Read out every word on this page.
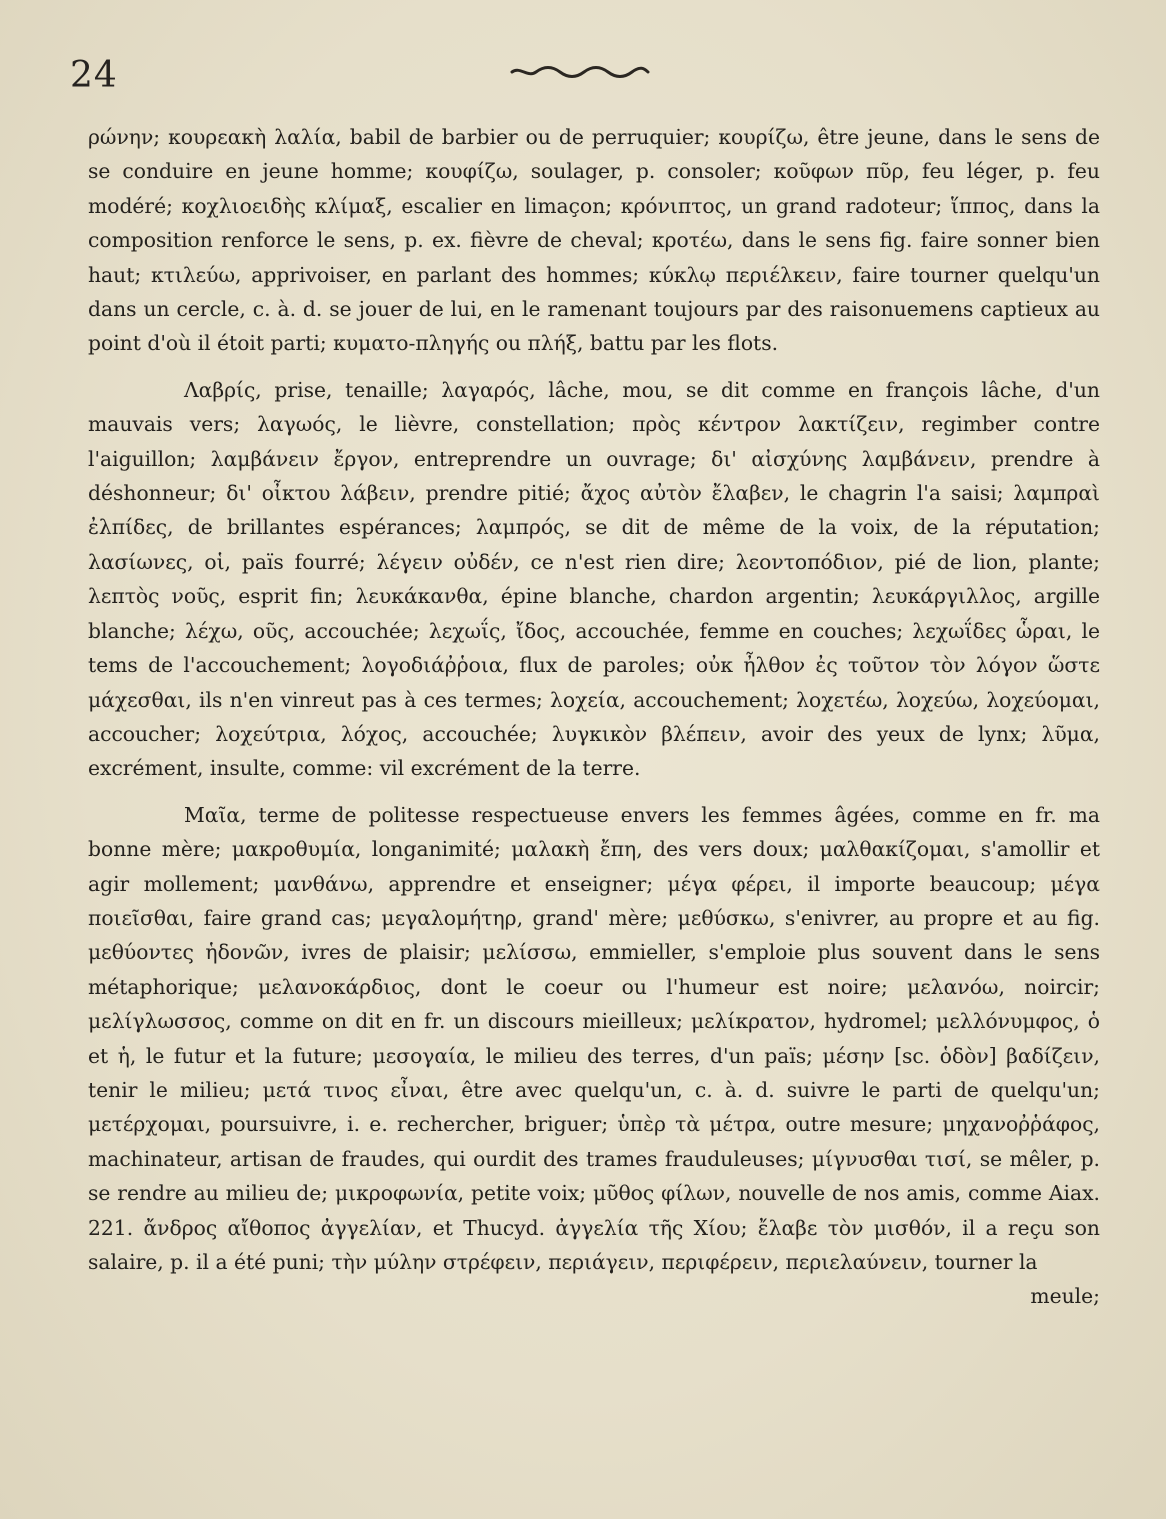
24

ρώνην; κουρεακὴ λαλία, babil de barbier ou de perruquier; κουρίζω, être jeune, dans le sens de se conduire en jeune homme; κουφίζω, soulager, p. consoler; κοῦφων πῦρ, feu léger, p. feu modéré; κοχλιοειδὴς κλίμαξ, escalier en limaçon; κρόνιπτος, un grand radoteur; ἵππος, dans la composition renforce le sens, p. ex. fièvre de cheval; κροτέω, dans le sens fig. faire sonner bien haut; κτιλεύω, apprivoiser, en parlant des hommes; κύκλῳ περιέλκειν, faire tourner quelqu'un dans un cercle, c. à. d. se jouer de lui, en le ramenant toujours par des raisonuemens captieux au point d'où il étoit parti; κυματο-πληγής ou πλήξ, battu par les flots.

Λαβρίς, prise, tenaille; λαγαρός, lâche, mou, se dit comme en françois lâche, d'un mauvais vers; λαγωός, le lièvre, constellation; πρὸς κέντρον λακτίζειν, regimber contre l'aiguillon; λαμβάνειν ἔργον, entreprendre un ouvrage; δι' αἰσχύνης λαμβάνειν, prendre à déshonneur; δι' οἶκτου λάβειν, prendre pitié; ἄχος αὐτὸν ἔλαβεν, le chagrin l'a saisi; λαμπραὶ ἐλπίδες, de brillantes espérances; λαμπρός, se dit de même de la voix, de la réputation; λασίωνες, οἱ, païs fourré; λέγειν οὐδέν, ce n'est rien dire; λεοντοπόδιον, pié de lion, plante; λεπτὸς νοῦς, esprit fin; λευκάκανθα, épine blanche, chardon argentin; λευκάργιλλος, argille blanche; λέχω, οῦς, accouchée; λεχωΐς, ἴδος, accouchée, femme en couches; λεχωΐδες ὧραι, le tems de l'accouchement; λογοδιάῤῥοια, flux de paroles; οὐκ ἦλθον ἐς τοῦτον τὸν λόγον ὥστε μάχεσθαι, ils n'en vinreut pas à ces termes; λοχεία, accouchement; λοχετέω, λοχεύω, λοχεύομαι, accoucher; λοχεύτρια, λόχος, accouchée; λυγκικὸν βλέπειν, avoir des yeux de lynx; λῦμα, excrément, insulte, comme: vil excrément de la terre.

Μαῖα, terme de politesse respectueuse envers les femmes âgées, comme en fr. ma bonne mère; μακροθυμία, longanimité; μαλακὴ ἔπη, des vers doux; μαλθακίζομαι, s'amollir et agir mollement; μανθάνω, apprendre et enseigner; μέγα φέρει, il importe beaucoup; μέγα ποιεῖσθαι, faire grand cas; μεγαλομήτηρ, grand' mère; μεθύσκω, s'enivrer, au propre et au fig. μεθύοντες ἡδονῶν, ivres de plaisir; μελίσσω, emmieller, s'emploie plus souvent dans le sens métaphorique; μελανοκάρδιος, dont le coeur ou l'humeur est noire; μελανόω, noircir; μελίγλωσσος, comme on dit en fr. un discours mieilleux; μελίκρατον, hydromel; μελλόνυμφος, ὁ et ἡ, le futur et la future; μεσογαία, le milieu des terres, d'un païs; μέσην [sc. ὁδὸν] βαδίζειν, tenir le milieu; μετά τινος εἶναι, être avec quelqu'un, c. à. d. suivre le parti de quelqu'un; μετέρχομαι, poursuivre, i. e. rechercher, briguer; ὑπὲρ τὰ μέτρα, outre mesure; μηχανοῤῥάφος, machinateur, artisan de fraudes, qui ourdit des trames frauduleuses; μίγνυσθαι τισί, se mêler, p. se rendre au milieu de; μικροφωνία, petite voix; μῦθος φίλων, nouvelle de nos amis, comme Aiax. 221. ἄνδρος αἴθοπος ἀγγελίαν, et Thucyd. ἀγγελία τῆς Χίου; ἔλαβε τὸν μισθόν, il a reçu son salaire, p. il a été puni; τὴν μύλην στρέφειν, περιάγειν, περιφέρειν, περιελαύνειν, tourner la
meule;
